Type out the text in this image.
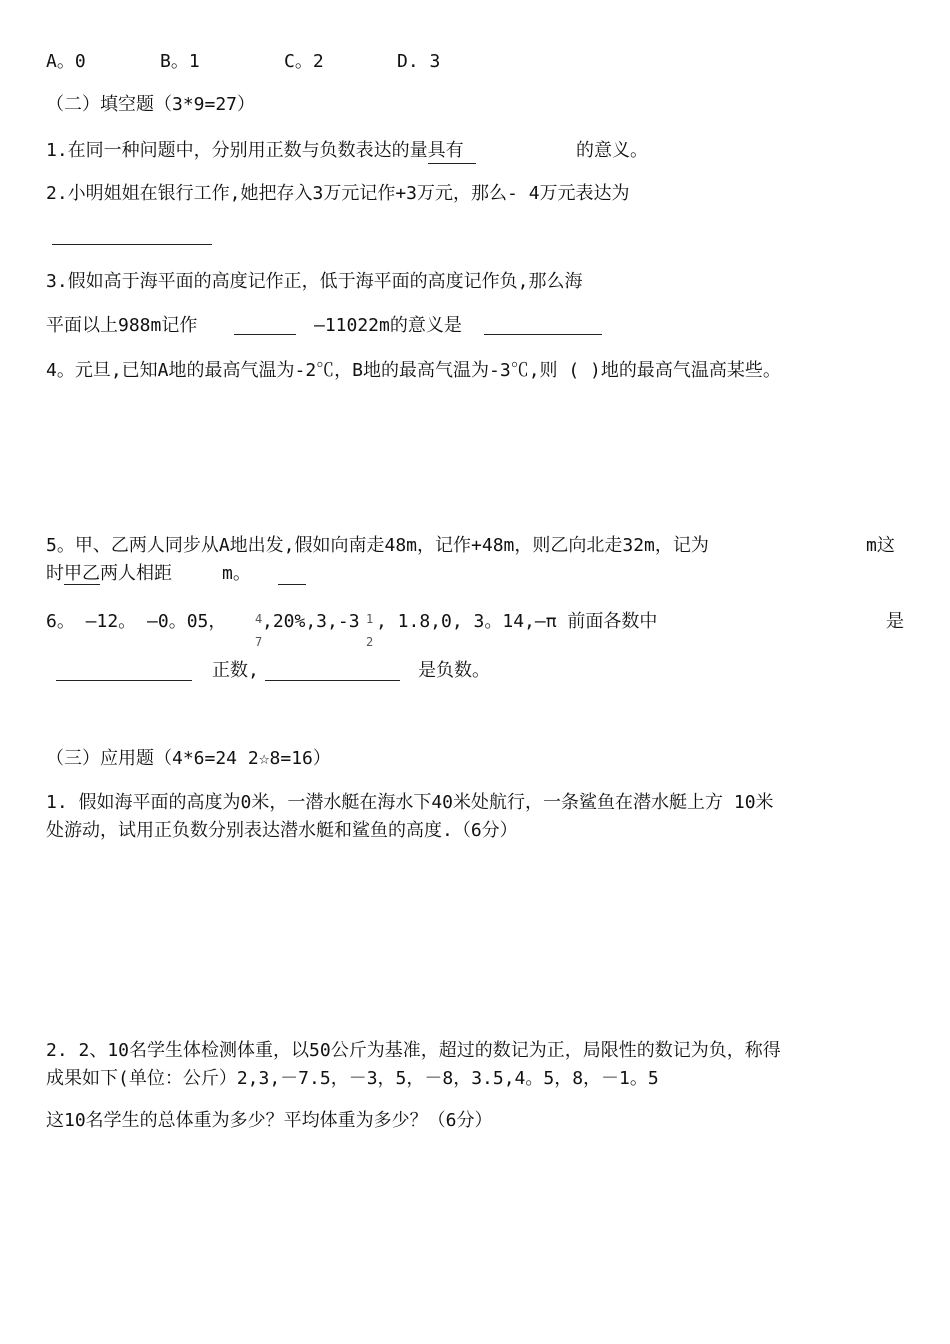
A。0	B。1	C。2	D. 3
（二）填空题（3*9=27）
1.在同一种问题中，分别用正数与负数表达的量具有	的意义。
2.小明姐姐在银行工作,她把存入3万元记作+3万元，那么- 4万元表达为
3.假如高于海平面的高度记作正，低于海平面的高度记作负,那么海
平面以上988m记作	—11022m的意义是
4。元旦,已知A地的最高气温为-2℃，B地的最高气温为-3℃,则 ( )地的最高气温高某些。
5。甲、乙两人同步从A地出发,假如向南走48m，记作+48m，则乙向北走32m，记为	m这
时甲乙两人相距	m。
6。 —12。 —0。05， 4
7
,20%,3,-3 1
2
, 1.8,0, 3。14,—π 前面各数中	是
正数,	是负数。
（三）应用题（4*6=24 2☆8=16）
1. 假如海平面的高度为0米，一潜水艇在海水下40米处航行，一条鲨鱼在潜水艇上方 10米
处游动，试用正负数分别表达潜水艇和鲨鱼的高度.（6分）
2. 2、10名学生体检测体重，以50公斤为基准，超过的数记为正，局限性的数记为负，称得
成果如下(单位：公斤）2,3,－7.5，－3，5，－8，3.5,4。5，8，－1。5
这10名学生的总体重为多少？平均体重为多少？（6分）
